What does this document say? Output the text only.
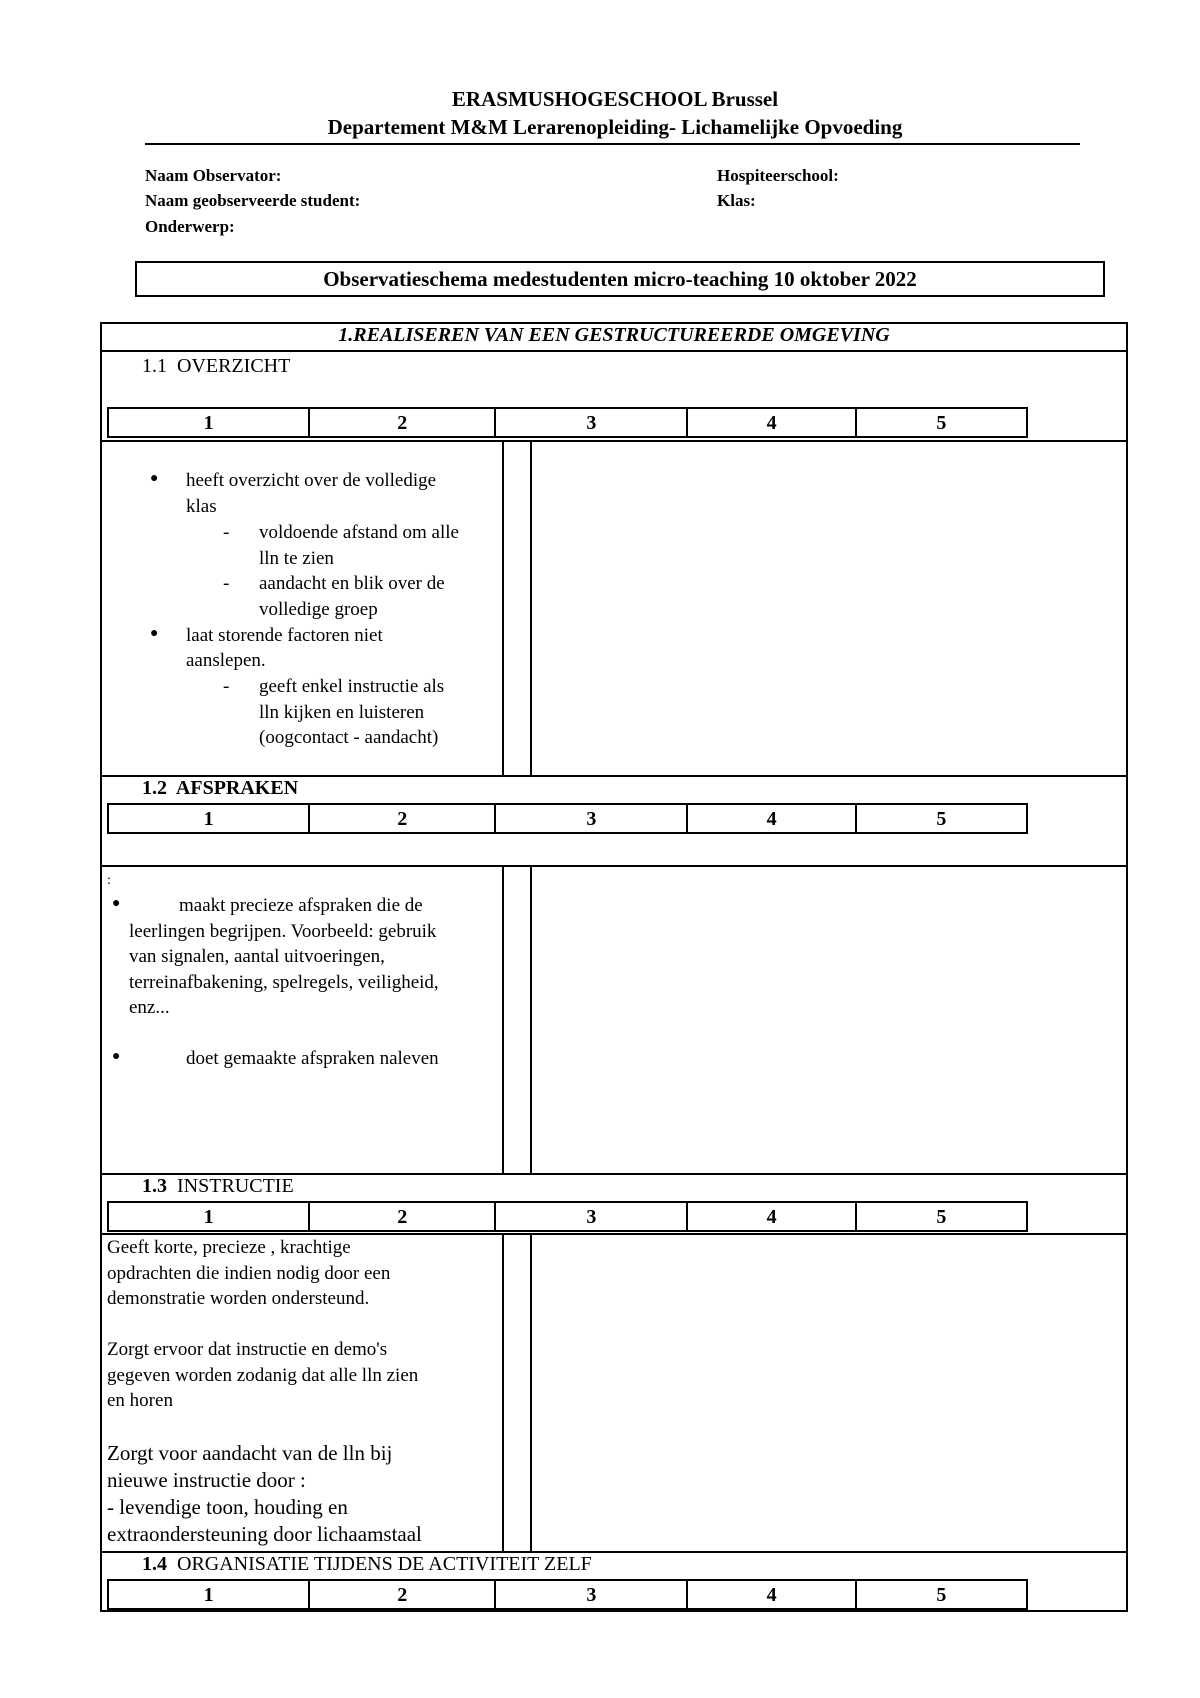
ERASMUSHOGESCHOOL Brussel
Departement M&M Lerarenopleiding- Lichamelijke Opvoeding
Naam Observator:
Naam geobserveerde student:
Onderwerp:
Hospiteerschool:
Klas:
Observatieschema medestudenten micro-teaching 10 oktober 2022
1.REALISEREN VAN EEN GESTRUCTUREERDE OMGEVING
1.1 OVERZICHT
1	2	3	4	5
● heeft overzicht over de volledige
klas
- voldoende afstand om alle
lln te zien
- aandacht en blik over de
volledige groep
● laat storende factoren niet
aanslepen.
- geeft enkel instructie als
lln kijken en luisteren
(oogcontact - aandacht)
1.2 AFSPRAKEN
1	2	3	4	5
:
●	maakt precieze afspraken die de
leerlingen begrijpen. Voorbeeld: gebruik
van signalen, aantal uitvoeringen,
terreinafbakening, spelregels, veiligheid,
enz...
●	doet gemaakte afspraken naleven
1.3 INSTRUCTIE
1	2	3	4	5
Geeft korte, precieze , krachtige
opdrachten die indien nodig door een
demonstratie worden ondersteund.
Zorgt ervoor dat instructie en demo's
gegeven worden zodanig dat alle lln zien
en horen
Zorgt voor aandacht van de lln bij
nieuwe instructie door :
- levendige toon, houding en
extraondersteuning door lichaamstaal
1.4 ORGANISATIE TIJDENS DE ACTIVITEIT ZELF
1	2	3	4	5
